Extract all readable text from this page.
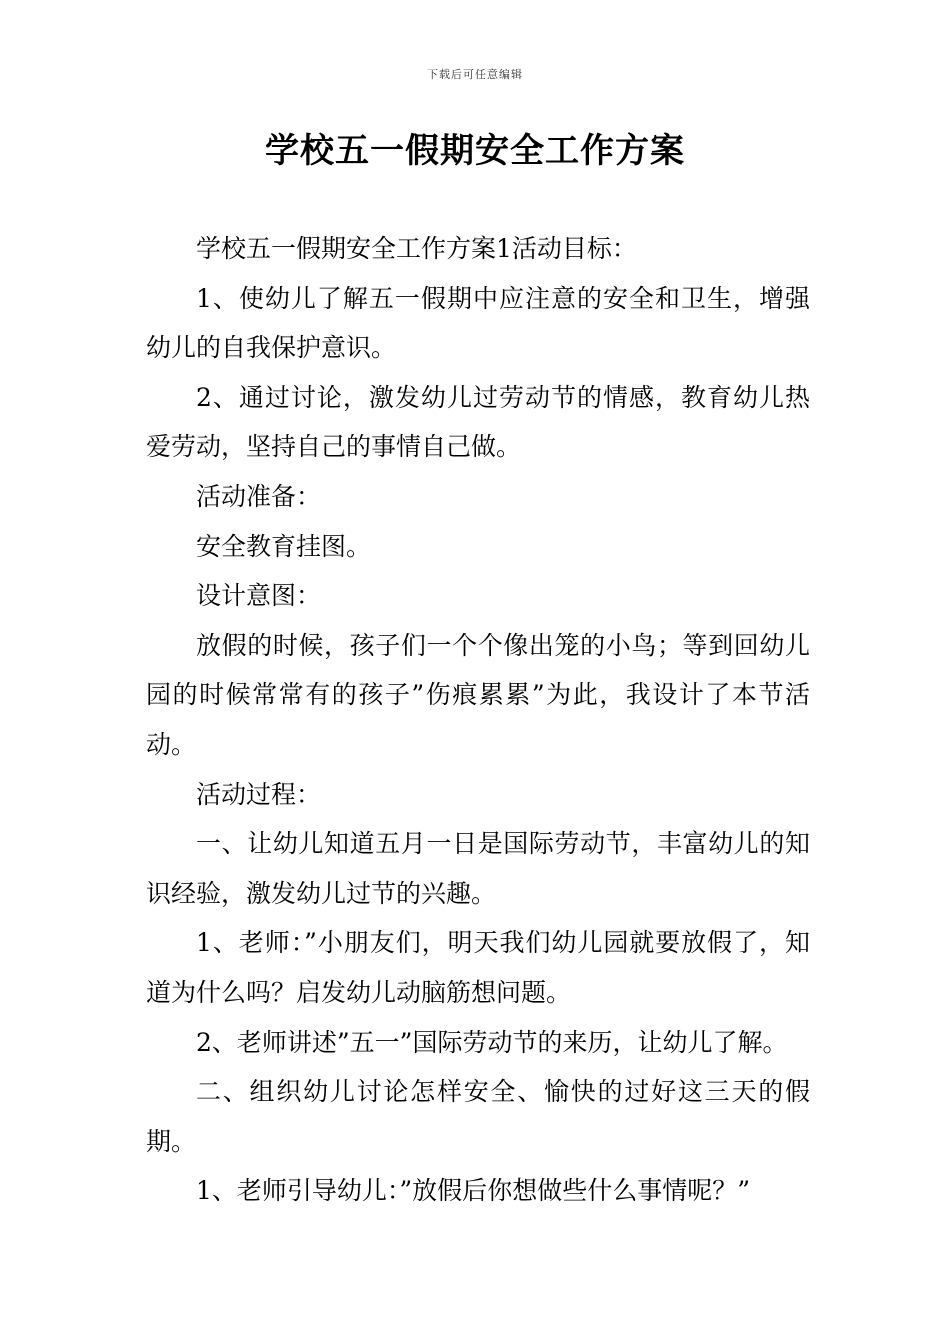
下载后可任意编辑
学校五一假期安全工作方案

学校五一假期安全工作方案1活动目标：

1、使幼儿了解五一假期中应注意的安全和卫生，增强幼儿的自我保护意识。

2、通过讨论，激发幼儿过劳动节的情感，教育幼儿热爱劳动，坚持自己的事情自己做。

活动准备：

安全教育挂图。

设计意图：

放假的时候，孩子们一个个像出笼的小鸟；等到回幼儿园的时候常常有的孩子”伤痕累累”为此，我设计了本节活动。

活动过程：

一、让幼儿知道五月一日是国际劳动节，丰富幼儿的知识经验，激发幼儿过节的兴趣。

1、老师：”小朋友们，明天我们幼儿园就要放假了，知道为什么吗？启发幼儿动脑筋想问题。

2、老师讲述”五一”国际劳动节的来历，让幼儿了解。

二、组织幼儿讨论怎样安全、愉快的过好这三天的假期。

1、老师引导幼儿：”放假后你想做些什么事情呢？”
